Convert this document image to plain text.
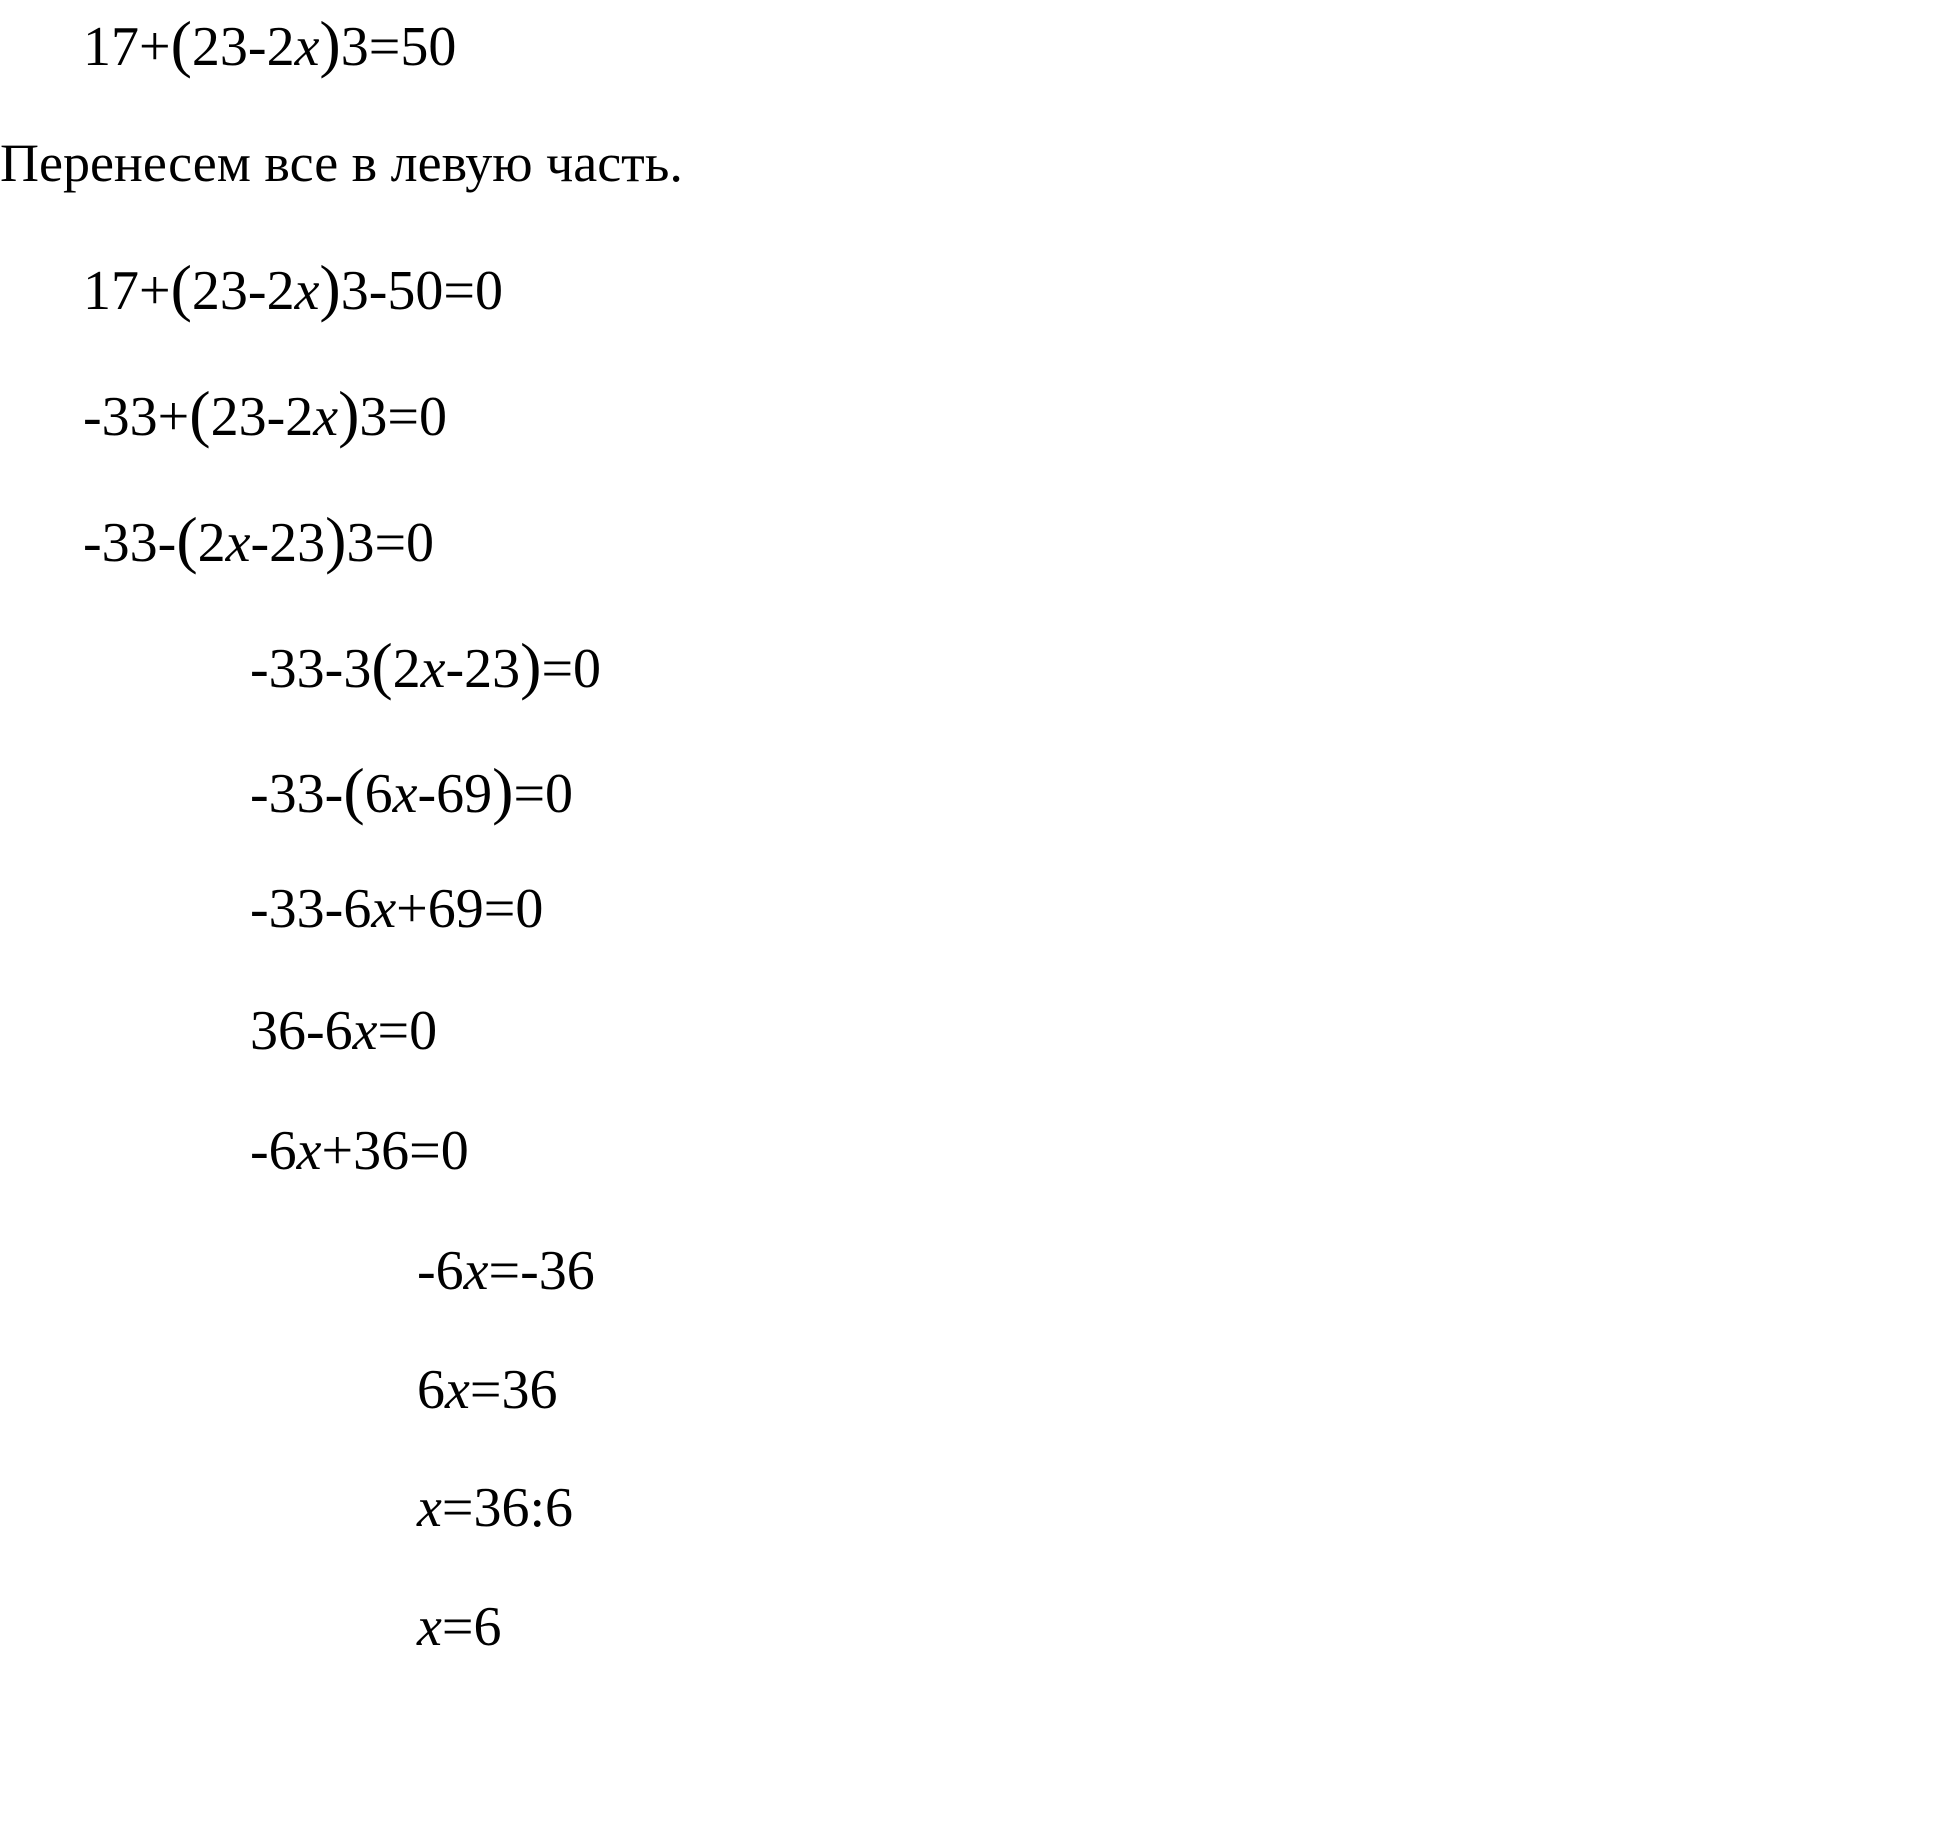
17+(23-2x)3=50
Перенесем все в левую часть.
17+(23-2x)3-50=0
-33+(23-2x)3=0
-33-(2x-23)3=0
-33-3(2x-23)=0
-33-(6x-69)=0
-33-6x+69=0
36-6x=0
-6x+36=0
-6x=-36
6x=36
x=36:6
x=6
